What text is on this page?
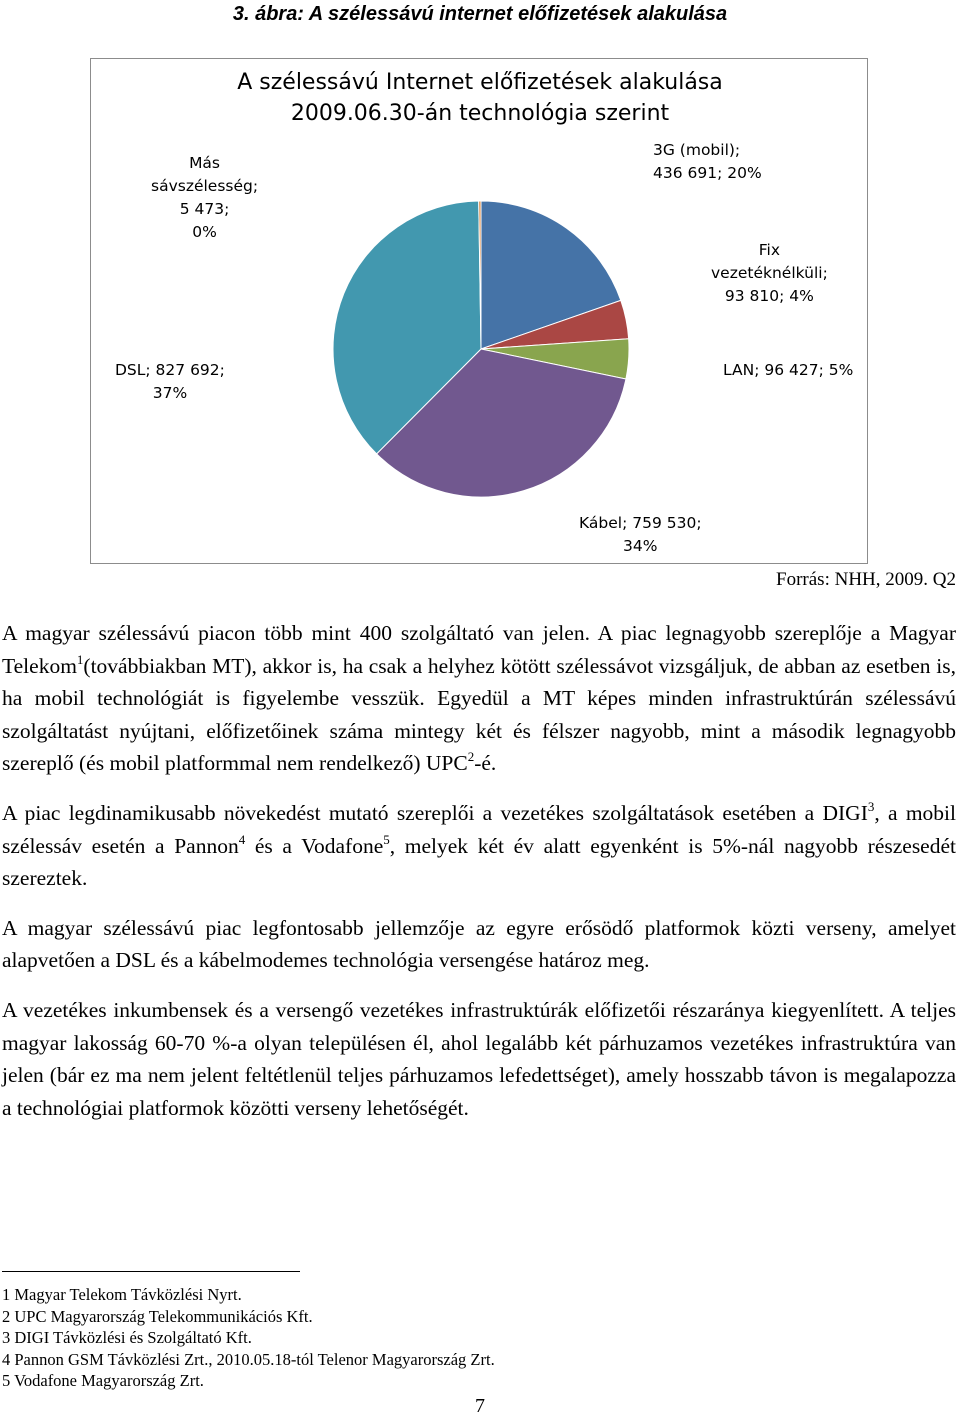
3. ábra: A szélessávú internet előfizetések alakulása
A szélessávú Internet előfizetések alakulása
2009.06.30-án technológia szerint
3G (mobil);
436 691; 20%
Fix
vezetéknélküli;
93 810; 4%
LAN; 96 427; 5%
Kábel; 759 530;
34%
DSL; 827 692;
37%
Más
sávszélesség;
5 473;
0%
Forrás: NHH, 2009. Q2

A magyar szélessávú piacon több mint 400 szolgáltató van jelen. A piac legnagyobb szereplője a Magyar Telekom$^1$(továbbiakban MT), akkor is, ha csak a helyhez kötött szélessávot vizsgáljuk, de abban az esetben is, ha mobil technológiát is figyelembe vesszük. Egyedül a MT képes minden infrastruktúrán szélessávú szolgáltatást nyújtani, előfizetőinek száma mintegy két és félszer nagyobb, mint a második legnagyobb szereplő (és mobil platformmal nem rendelkező) UPC$^2$-é.

A piac legdinamikusabb növekedést mutató szereplői a vezetékes szolgáltatások esetében a DIGI$^3$, a mobil szélessáv esetén a Pannon$^4$ és a Vodafone$^5$, melyek két év alatt egyenként is 5%-nál nagyobb részesedét szereztek.

A magyar szélessávú piac legfontosabb jellemzője az egyre erősödő platformok közti verseny, amelyet alapvetően a DSL és a kábelmodemes technológia versengése határoz meg.

A vezetékes inkumbensek és a versengő vezetékes infrastruktúrák előfizetői részaránya kiegyenlített. A teljes magyar lakosság 60-70 %-a olyan településen él, ahol legalább két párhuzamos vezetékes infrastruktúra van jelen (bár ez ma nem jelent feltétlenül teljes párhuzamos lefedettséget), amely hosszabb távon is megalapozza a technológiai platformok közötti verseny lehetőségét.

1 Magyar Telekom Távközlési Nyrt.
2 UPC Magyarország Telekommunikációs Kft.
3 DIGI Távközlési és Szolgáltató Kft.
4 Pannon GSM Távközlési Zrt., 2010.05.18-tól Telenor Magyarország Zrt.
5 Vodafone Magyarország Zrt.
7
